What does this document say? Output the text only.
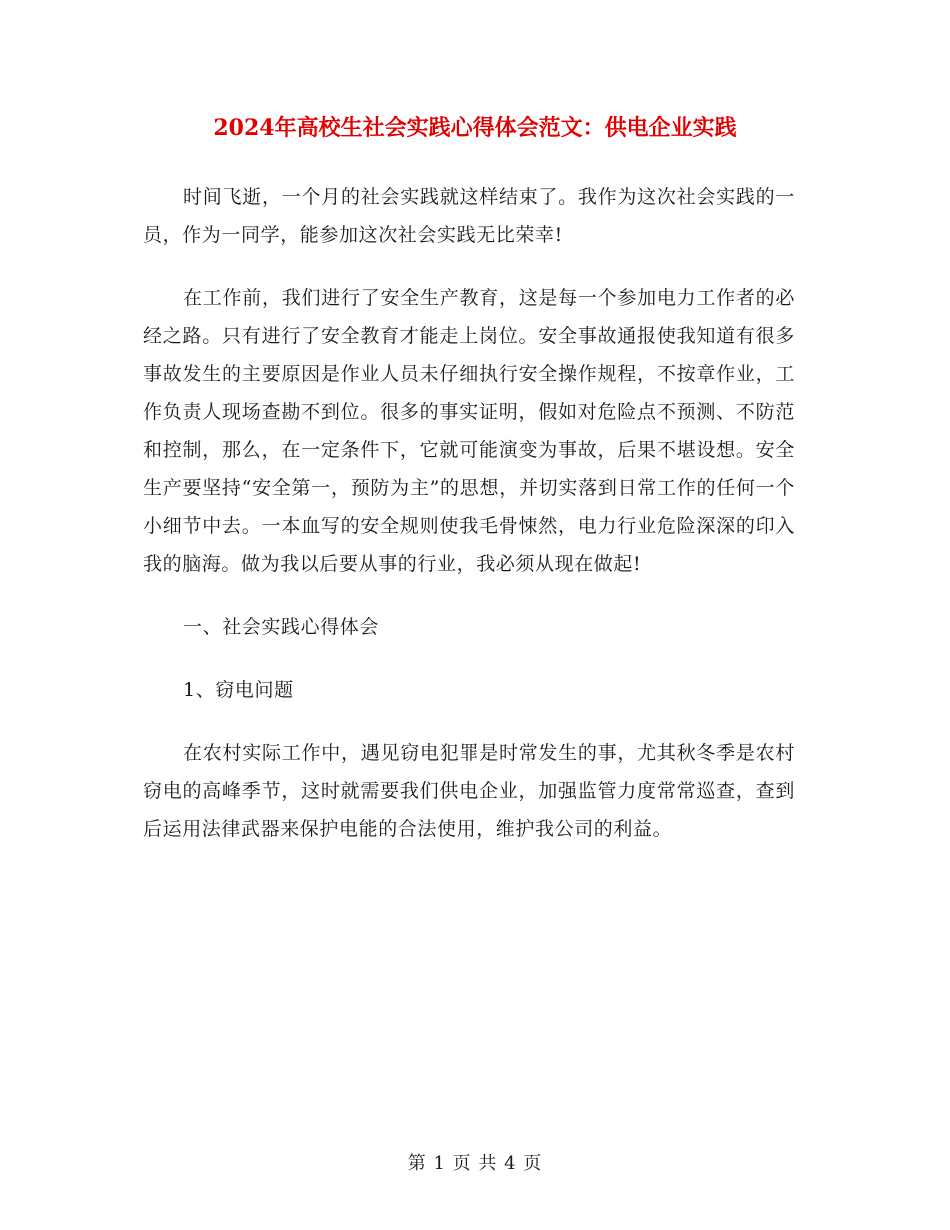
2024年高校生社会实践心得体会范文：供电企业实践

时间飞逝，一个月的社会实践就这样结束了。我作为这次社会实践的一员，作为一同学，能参加这次社会实践无比荣幸!

在工作前，我们进行了安全生产教育，这是每一个参加电力工作者的必经之路。只有进行了安全教育才能走上岗位。安全事故通报使我知道有很多事故发生的主要原因是作业人员未仔细执行安全操作规程，不按章作业，工作负责人现场查勘不到位。很多的事实证明，假如对危险点不预测、不防范和控制，那么，在一定条件下，它就可能演变为事故，后果不堪设想。安全生产要坚持“安全第一，预防为主”的思想，并切实落到日常工作的任何一个小细节中去。一本血写的安全规则使我毛骨悚然，电力行业危险深深的印入我的脑海。做为我以后要从事的行业，我必须从现在做起!

一、社会实践心得体会

1、窃电问题

在农村实际工作中，遇见窃电犯罪是时常发生的事，尤其秋冬季是农村窃电的高峰季节，这时就需要我们供电企业，加强监管力度常常巡查，查到后运用法律武器来保护电能的合法使用，维护我公司的利益。

第 1 页 共 4 页
